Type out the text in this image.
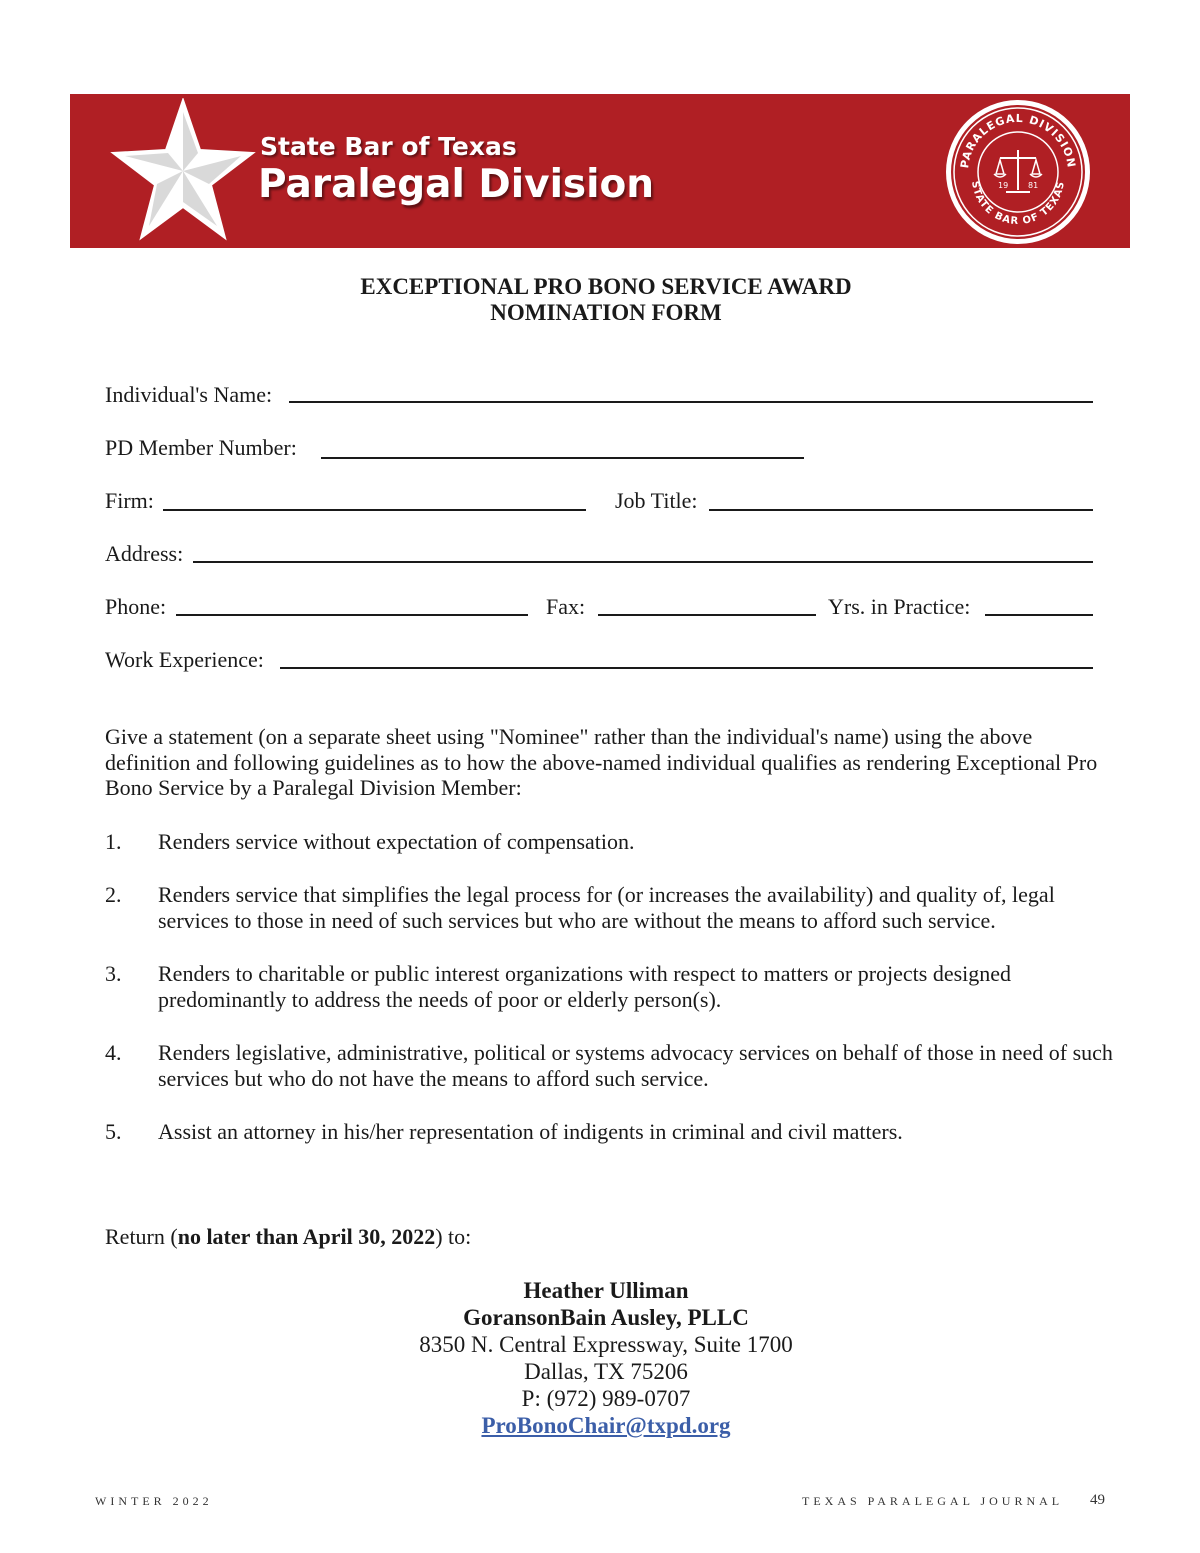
State Bar of Texas
Paralegal Division	PARALEGAL DIVISION
STATE BAR OF TEXAS
19 81
EXCEPTIONAL PRO BONO SERVICE AWARD
NOMINATION FORM
Individual's Name:
PD Member Number:
Firm:	Job Title:
Address:
Phone:	Fax:	Yrs. in Practice:
Work Experience:
Give a statement (on a separate sheet using "Nominee" rather than the individual's name) using the above definition and following guidelines as to how the above-named individual qualifies as rendering Exceptional Pro Bono Service by a Paralegal Division Member:
1. Renders service without expectation of compensation.
2. Renders service that simplifies the legal process for (or increases the availability) and quality of, legal services to those in need of such services but who are without the means to afford such service.
3. Renders to charitable or public interest organizations with respect to matters or projects designed predominantly to address the needs of poor or elderly person(s).
4. Renders legislative, administrative, political or systems advocacy services on behalf of those in need of such services but who do not have the means to afford such service.
5. Assist an attorney in his/her representation of indigents in criminal and civil matters.
Return (no later than April 30, 2022) to:
Heather Ulliman
GoransonBain Ausley, PLLC
8350 N. Central Expressway, Suite 1700
Dallas, TX 75206
P: (972) 989-0707
ProBonoChair@txpd.org
WINTER 2022	TEXAS PARALEGAL JOURNAL 49
